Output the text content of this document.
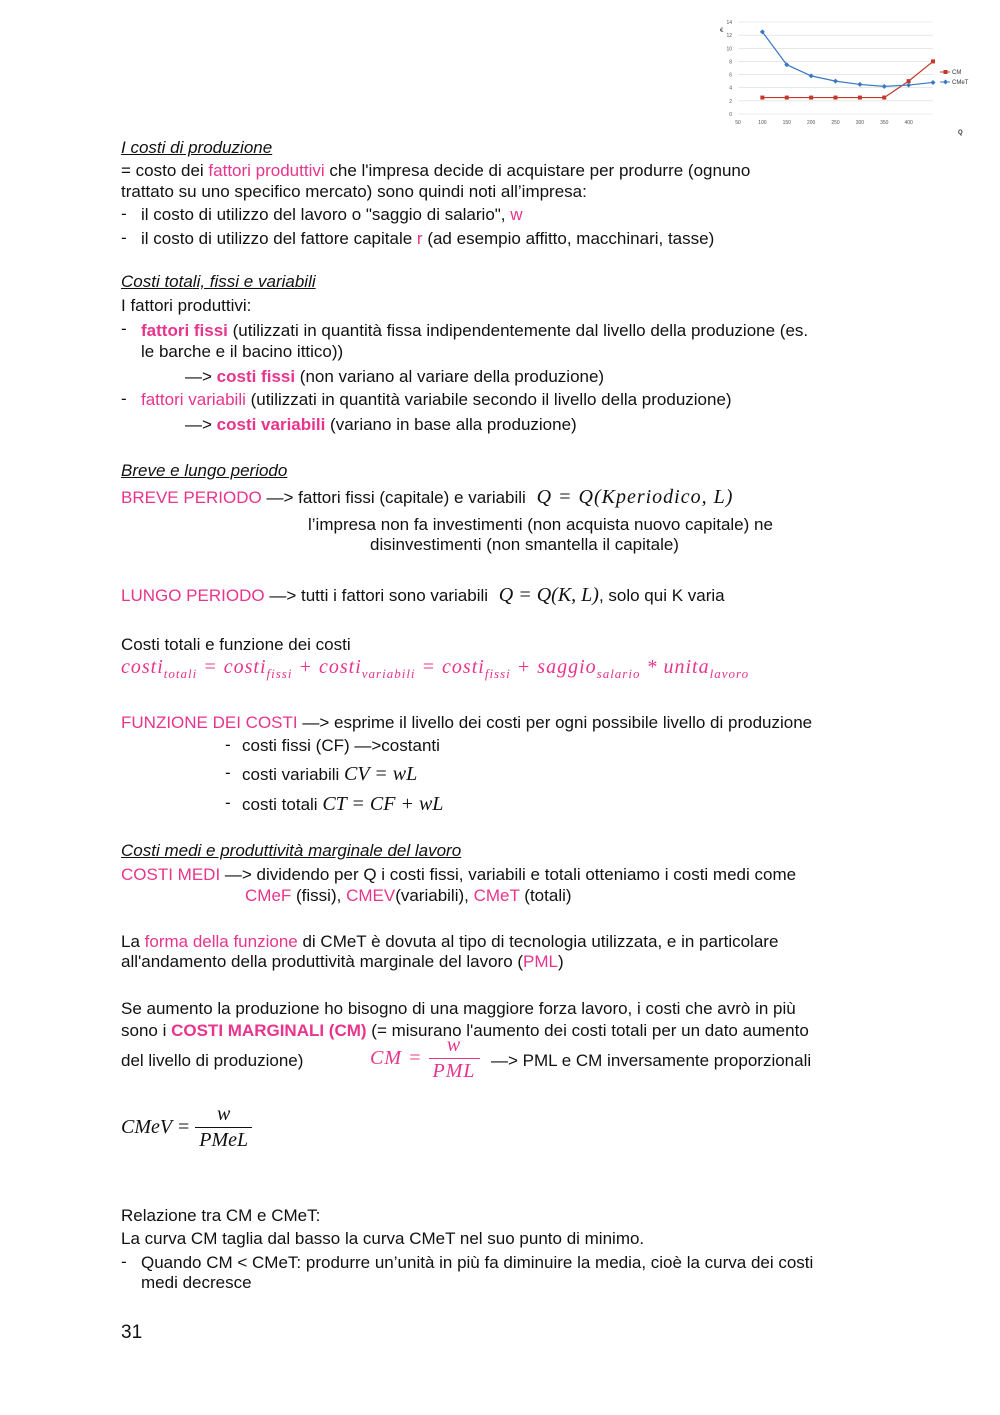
0
2
4
6
8
10
12
14
50	100	150	200	250	300	350	400
€
Q
CM
CMeT
I costi di produzione
= costo dei fattori produttivi che l'impresa decide di acquistare per produrre (ognuno
trattato su uno specifico mercato) sono quindi noti all’impresa:
- il costo di utilizzo del lavoro o "saggio di salario", w
- il costo di utilizzo del fattore capitale r (ad esempio affitto, macchinari, tasse)
Costi totali, fissi e variabili
I fattori produttivi:
- fattori fissi (utilizzati in quantità fissa indipendentemente dal livello della produzione (es.
le barche e il bacino ittico))
—> costi fissi (non variano al variare della produzione)
- fattori variabili (utilizzati in quantità variabile secondo il livello della produzione)
—> costi variabili (variano in base alla produzione)
Breve e lungo periodo
BREVE PERIODO —> fattori fissi (capitale) e variabili Q = Q(Kperiodico, L)
l’impresa non fa investimenti (non acquista nuovo capitale) ne
disinvestimenti (non smantella il capitale)
LUNGO PERIODO —> tutti i fattori sono variabili Q = Q(K, L), solo qui K varia
Costi totali e funzione dei costi
costi$_{totali}$ = costi$_{fissi}$ + costi$_{variabili}$ = costi$_{fissi}$ + saggio$_{salario}$ * unita$_{lavoro}$
FUNZIONE DEI COSTI —> esprime il livello dei costi per ogni possibile livello di produzione
- costi fissi (CF) —>costanti
- costi variabili CV = wL
- costi totali CT = CF + wL
Costi medi e produttività marginale del lavoro
COSTI MEDI —> dividendo per Q i costi fissi, variabili e totali otteniamo i costi medi come
CMeF (fissi), CMEV(variabili), CMeT (totali)
La forma della funzione di CMeT è dovuta al tipo di tecnologia utilizzata, e in particolare
all'andamento della produttività marginale del lavoro (PML)
Se aumento la produzione ho bisogno di una maggiore forza lavoro, i costi che avrò in più
sono i COSTI MARGINALI (CM) (= misurano l'aumento dei costi totali per un dato aumento
del livello di produzione)	CM = $\frac{w}{\text{PML}}$ —> PML e CM inversamente proporzionali
CMeV = $\frac{w}{\text{PMeL}}$
Relazione tra CM e CMeT:
La curva CM taglia dal basso la curva CMeT nel suo punto di minimo.
- Quando CM < CMeT: produrre un’unità in più fa diminuire la media, cioè la curva dei costi
medi decresce
31
